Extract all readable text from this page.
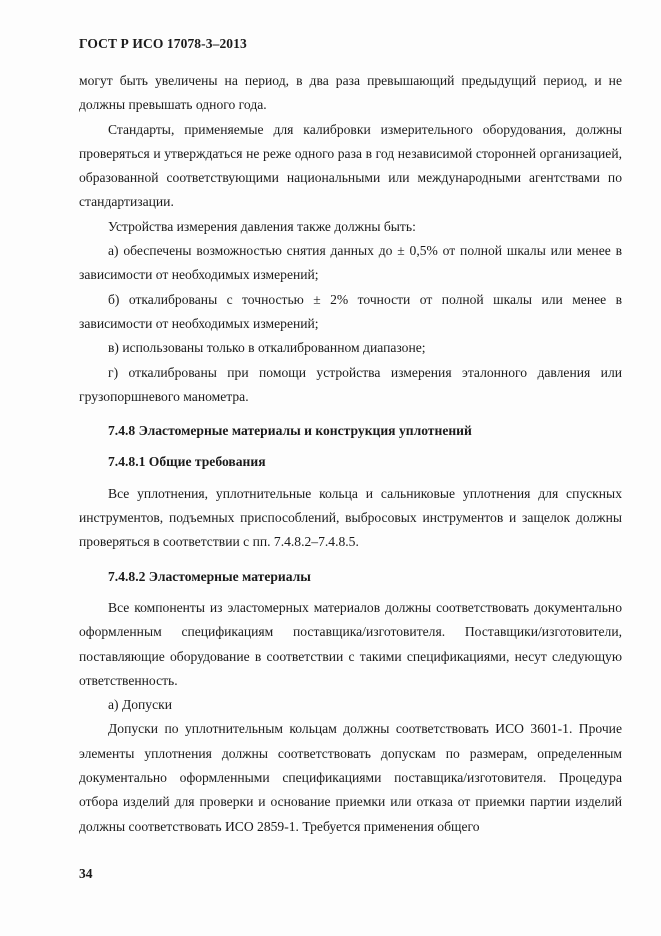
ГОСТ Р ИСО 17078-3–2013

могут быть увеличены на период, в два раза превышающий предыдущий период, и не должны превышать одного года.

Стандарты, применяемые для калибровки измерительного оборудования, должны проверяться и утверждаться не реже одного раза в год независимой сторонней организацией, образованной соответствующими национальными или международными агентствами по стандартизации.

Устройства измерения давления также должны быть:

а) обеспечены возможностью снятия данных до ± 0,5% от полной шкалы или менее в зависимости от необходимых измерений;

б) откалиброваны с точностью ± 2% точности от полной шкалы или менее в зависимости от необходимых измерений;

в) использованы только в откалиброванном диапазоне;

г) откалиброваны при помощи устройства измерения эталонного давления или грузопоршневого манометра.

7.4.8 Эластомерные материалы и конструкция уплотнений
7.4.8.1 Общие требования

Все уплотнения, уплотнительные кольца и сальниковые уплотнения для спускных инструментов, подъемных приспособлений, выбросовых инструментов и защелок должны проверяться в соответствии с пп. 7.4.8.2–7.4.8.5.

7.4.8.2 Эластомерные материалы

Все компоненты из эластомерных материалов должны соответствовать документально оформленным спецификациям поставщика/изготовителя. Поставщики/изготовители, поставляющие оборудование в соответствии с такими спецификациями, несут следующую ответственность.

а) Допуски

Допуски по уплотнительным кольцам должны соответствовать ИСО 3601-1. Прочие элементы уплотнения должны соответствовать допускам по размерам, определенным документально оформленными спецификациями поставщика/изготовителя. Процедура отбора изделий для проверки и основание приемки или отказа от приемки партии изделий должны соответствовать ИСО 2859-1. Требуется применения общего

34
